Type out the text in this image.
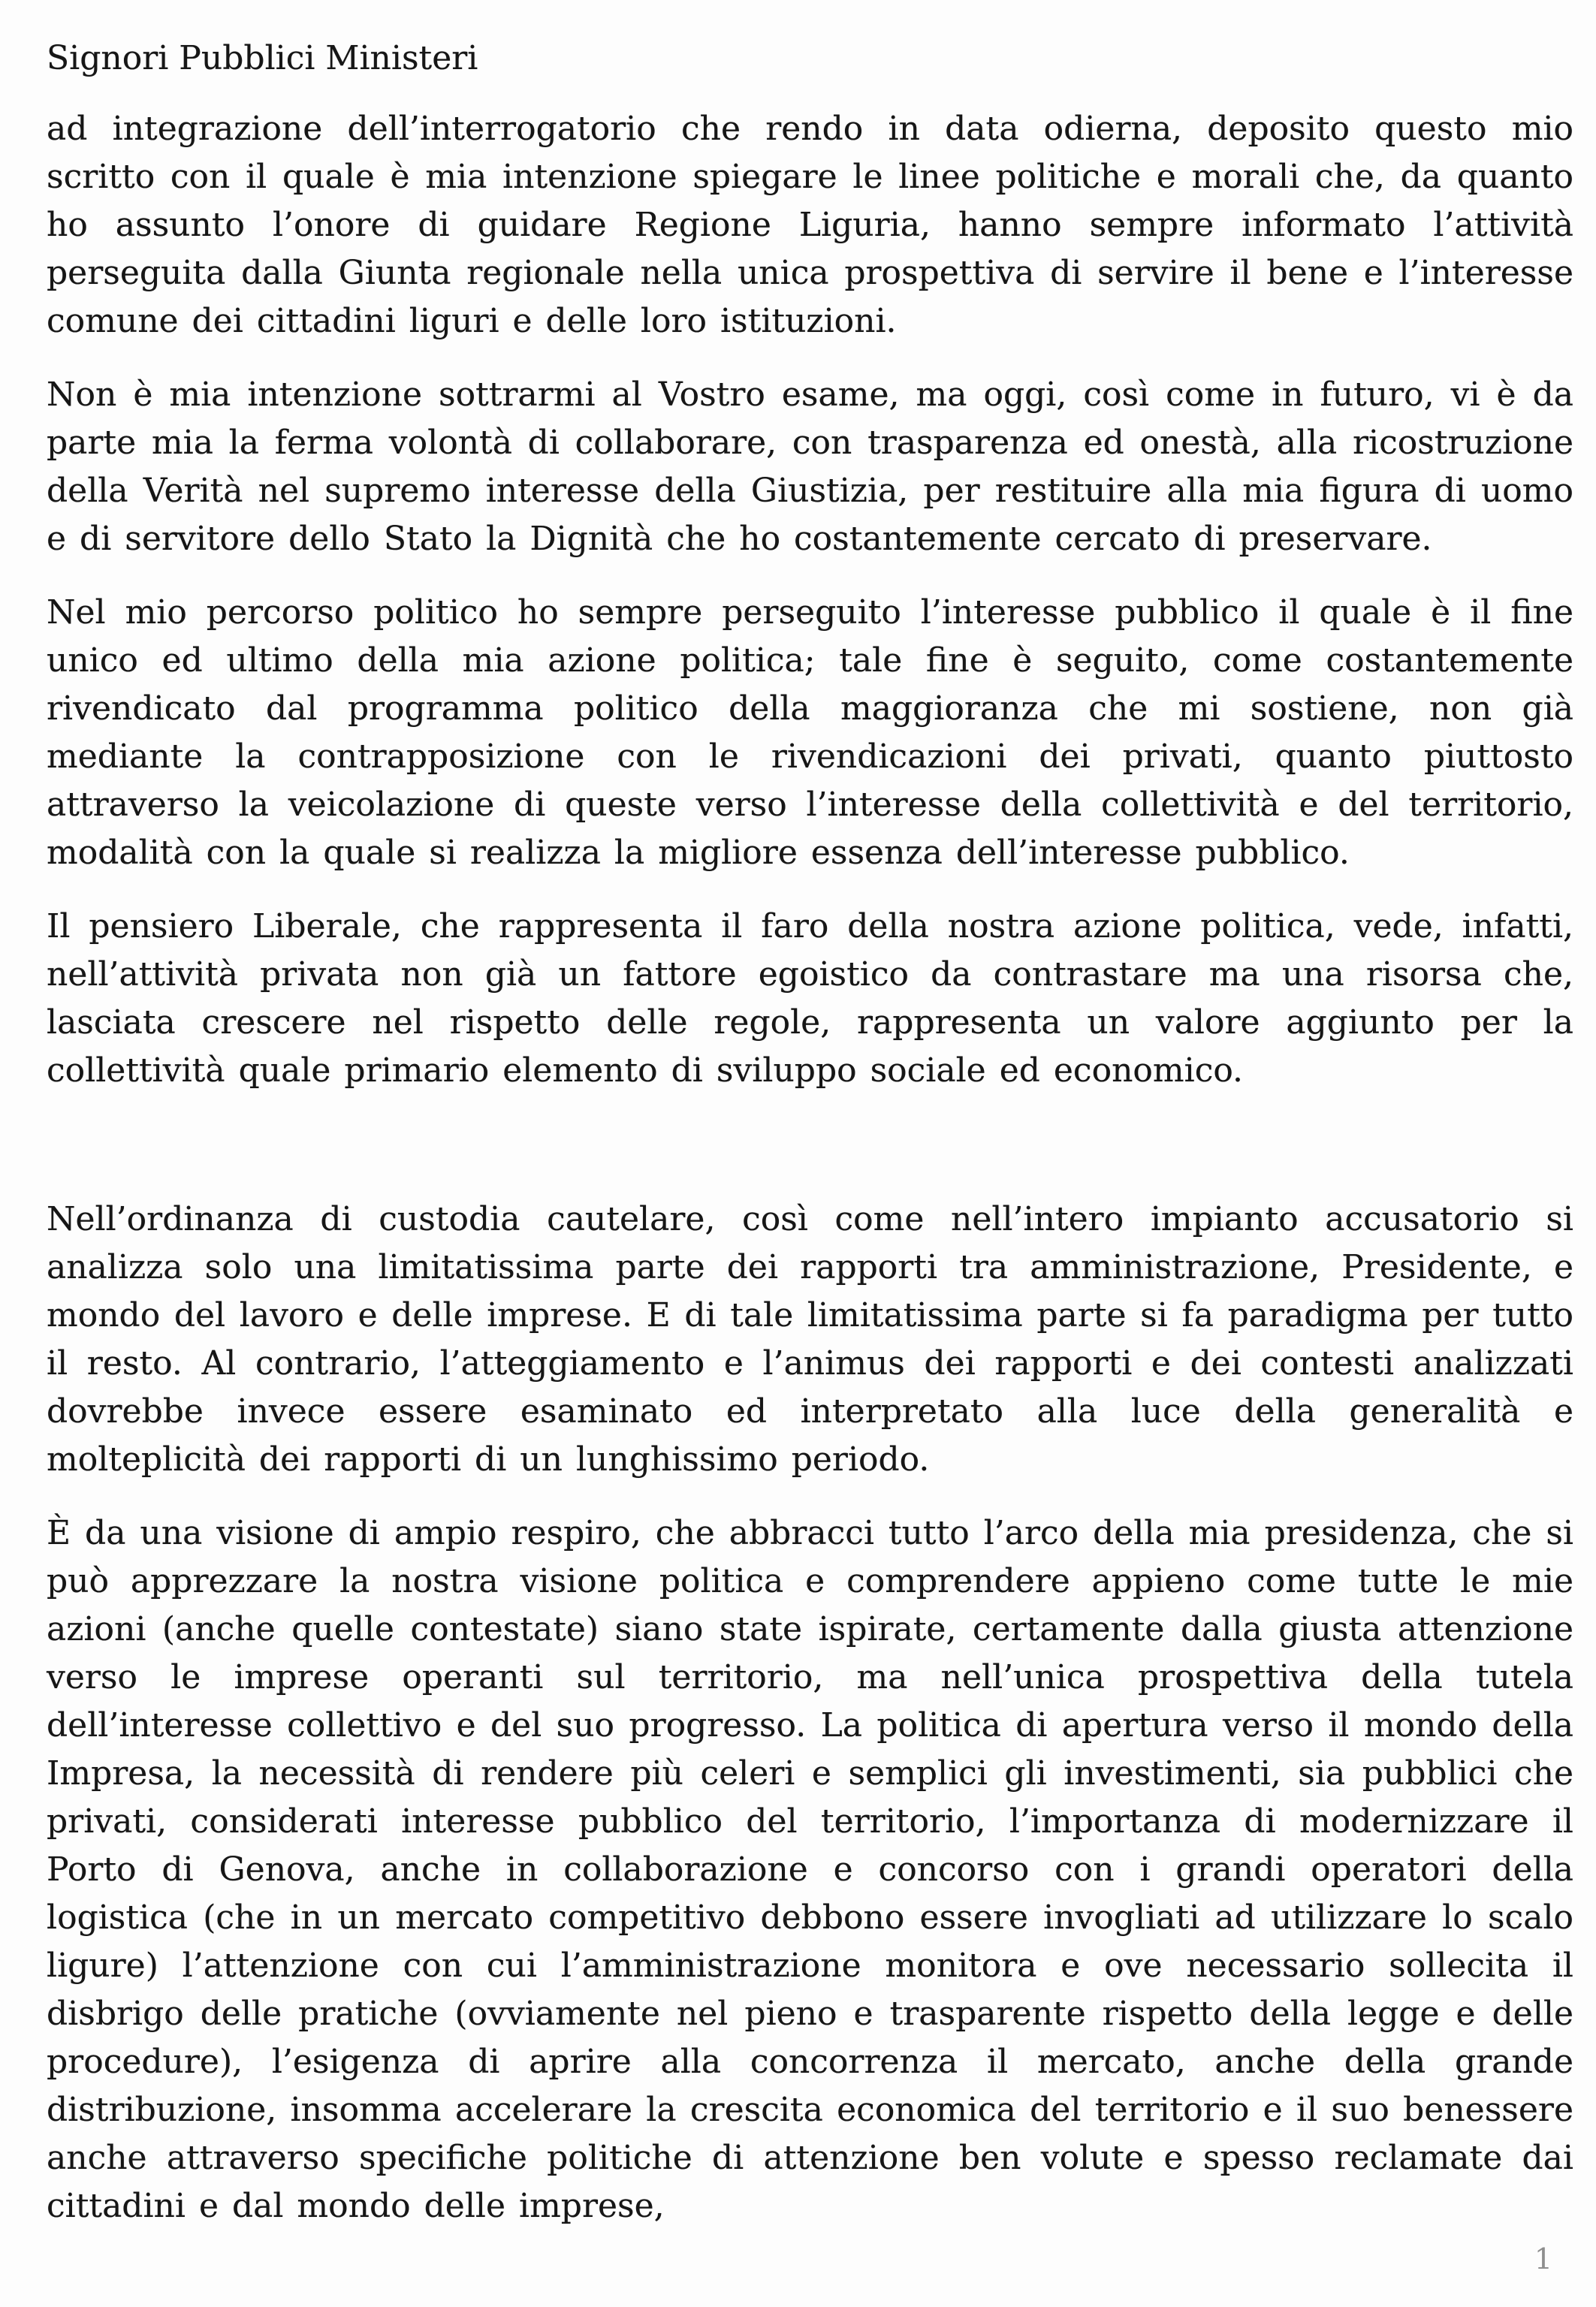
Signori Pubblici Ministeri

ad integrazione dell’interrogatorio che rendo in data odierna, deposito questo mio scritto con il quale è mia intenzione spiegare le linee politiche e morali che, da quanto ho assunto l’onore di guidare Regione Liguria, hanno sempre informato l’attività perseguita dalla Giunta regionale nella unica prospettiva di servire il bene e l’interesse comune dei cittadini liguri e delle loro istituzioni.

Non è mia intenzione sottrarmi al Vostro esame, ma oggi, così come in futuro, vi è da parte mia la ferma volontà di collaborare, con trasparenza ed onestà, alla ricostruzione della Verità nel supremo interesse della Giustizia, per restituire alla mia figura di uomo e di servitore dello Stato la Dignità che ho costantemente cercato di preservare.

Nel mio percorso politico ho sempre perseguito l’interesse pubblico il quale è il fine unico ed ultimo della mia azione politica; tale fine è seguito, come costantemente rivendicato dal programma politico della maggioranza che mi sostiene, non già mediante la contrapposizione con le rivendicazioni dei privati, quanto piuttosto attraverso la veicolazione di queste verso l’interesse della collettività e del territorio, modalità con la quale si realizza la migliore essenza dell’interesse pubblico.

Il pensiero Liberale, che rappresenta il faro della nostra azione politica, vede, infatti, nell’attività privata non già un fattore egoistico da contrastare ma una risorsa che, lasciata crescere nel rispetto delle regole, rappresenta un valore aggiunto per la collettività quale primario elemento di sviluppo sociale ed economico.

Nell’ordinanza di custodia cautelare, così come nell’intero impianto accusatorio si analizza solo una limitatissima parte dei rapporti tra amministrazione, Presidente, e mondo del lavoro e delle imprese. E di tale limitatissima parte si fa paradigma per tutto il resto. Al contrario, l’atteggiamento e l’animus dei rapporti e dei contesti analizzati dovrebbe invece essere esaminato ed interpretato alla luce della generalità e molteplicità dei rapporti di un lunghissimo periodo.

È da una visione di ampio respiro, che abbracci tutto l’arco della mia presidenza, che si può apprezzare la nostra visione politica e comprendere appieno come tutte le mie azioni (anche quelle contestate) siano state ispirate, certamente dalla giusta attenzione verso le imprese operanti sul territorio, ma nell’unica prospettiva della tutela dell’interesse collettivo e del suo progresso. La politica di apertura verso il mondo della Impresa, la necessità di rendere più celeri e semplici gli investimenti, sia pubblici che privati, considerati interesse pubblico del territorio, l’importanza di modernizzare il Porto di Genova, anche in collaborazione e concorso con i grandi operatori della logistica (che in un mercato competitivo debbono essere invogliati ad utilizzare lo scalo ligure) l’attenzione con cui l’amministrazione monitora e ove necessario sollecita il disbrigo delle pratiche (ovviamente nel pieno e trasparente rispetto della legge e delle procedure), l’esigenza di aprire alla concorrenza il mercato, anche della grande distribuzione, insomma accelerare la crescita economica del territorio e il suo benessere anche attraverso specifiche politiche di attenzione ben volute e spesso reclamate dai cittadini e dal mondo delle imprese,

1
